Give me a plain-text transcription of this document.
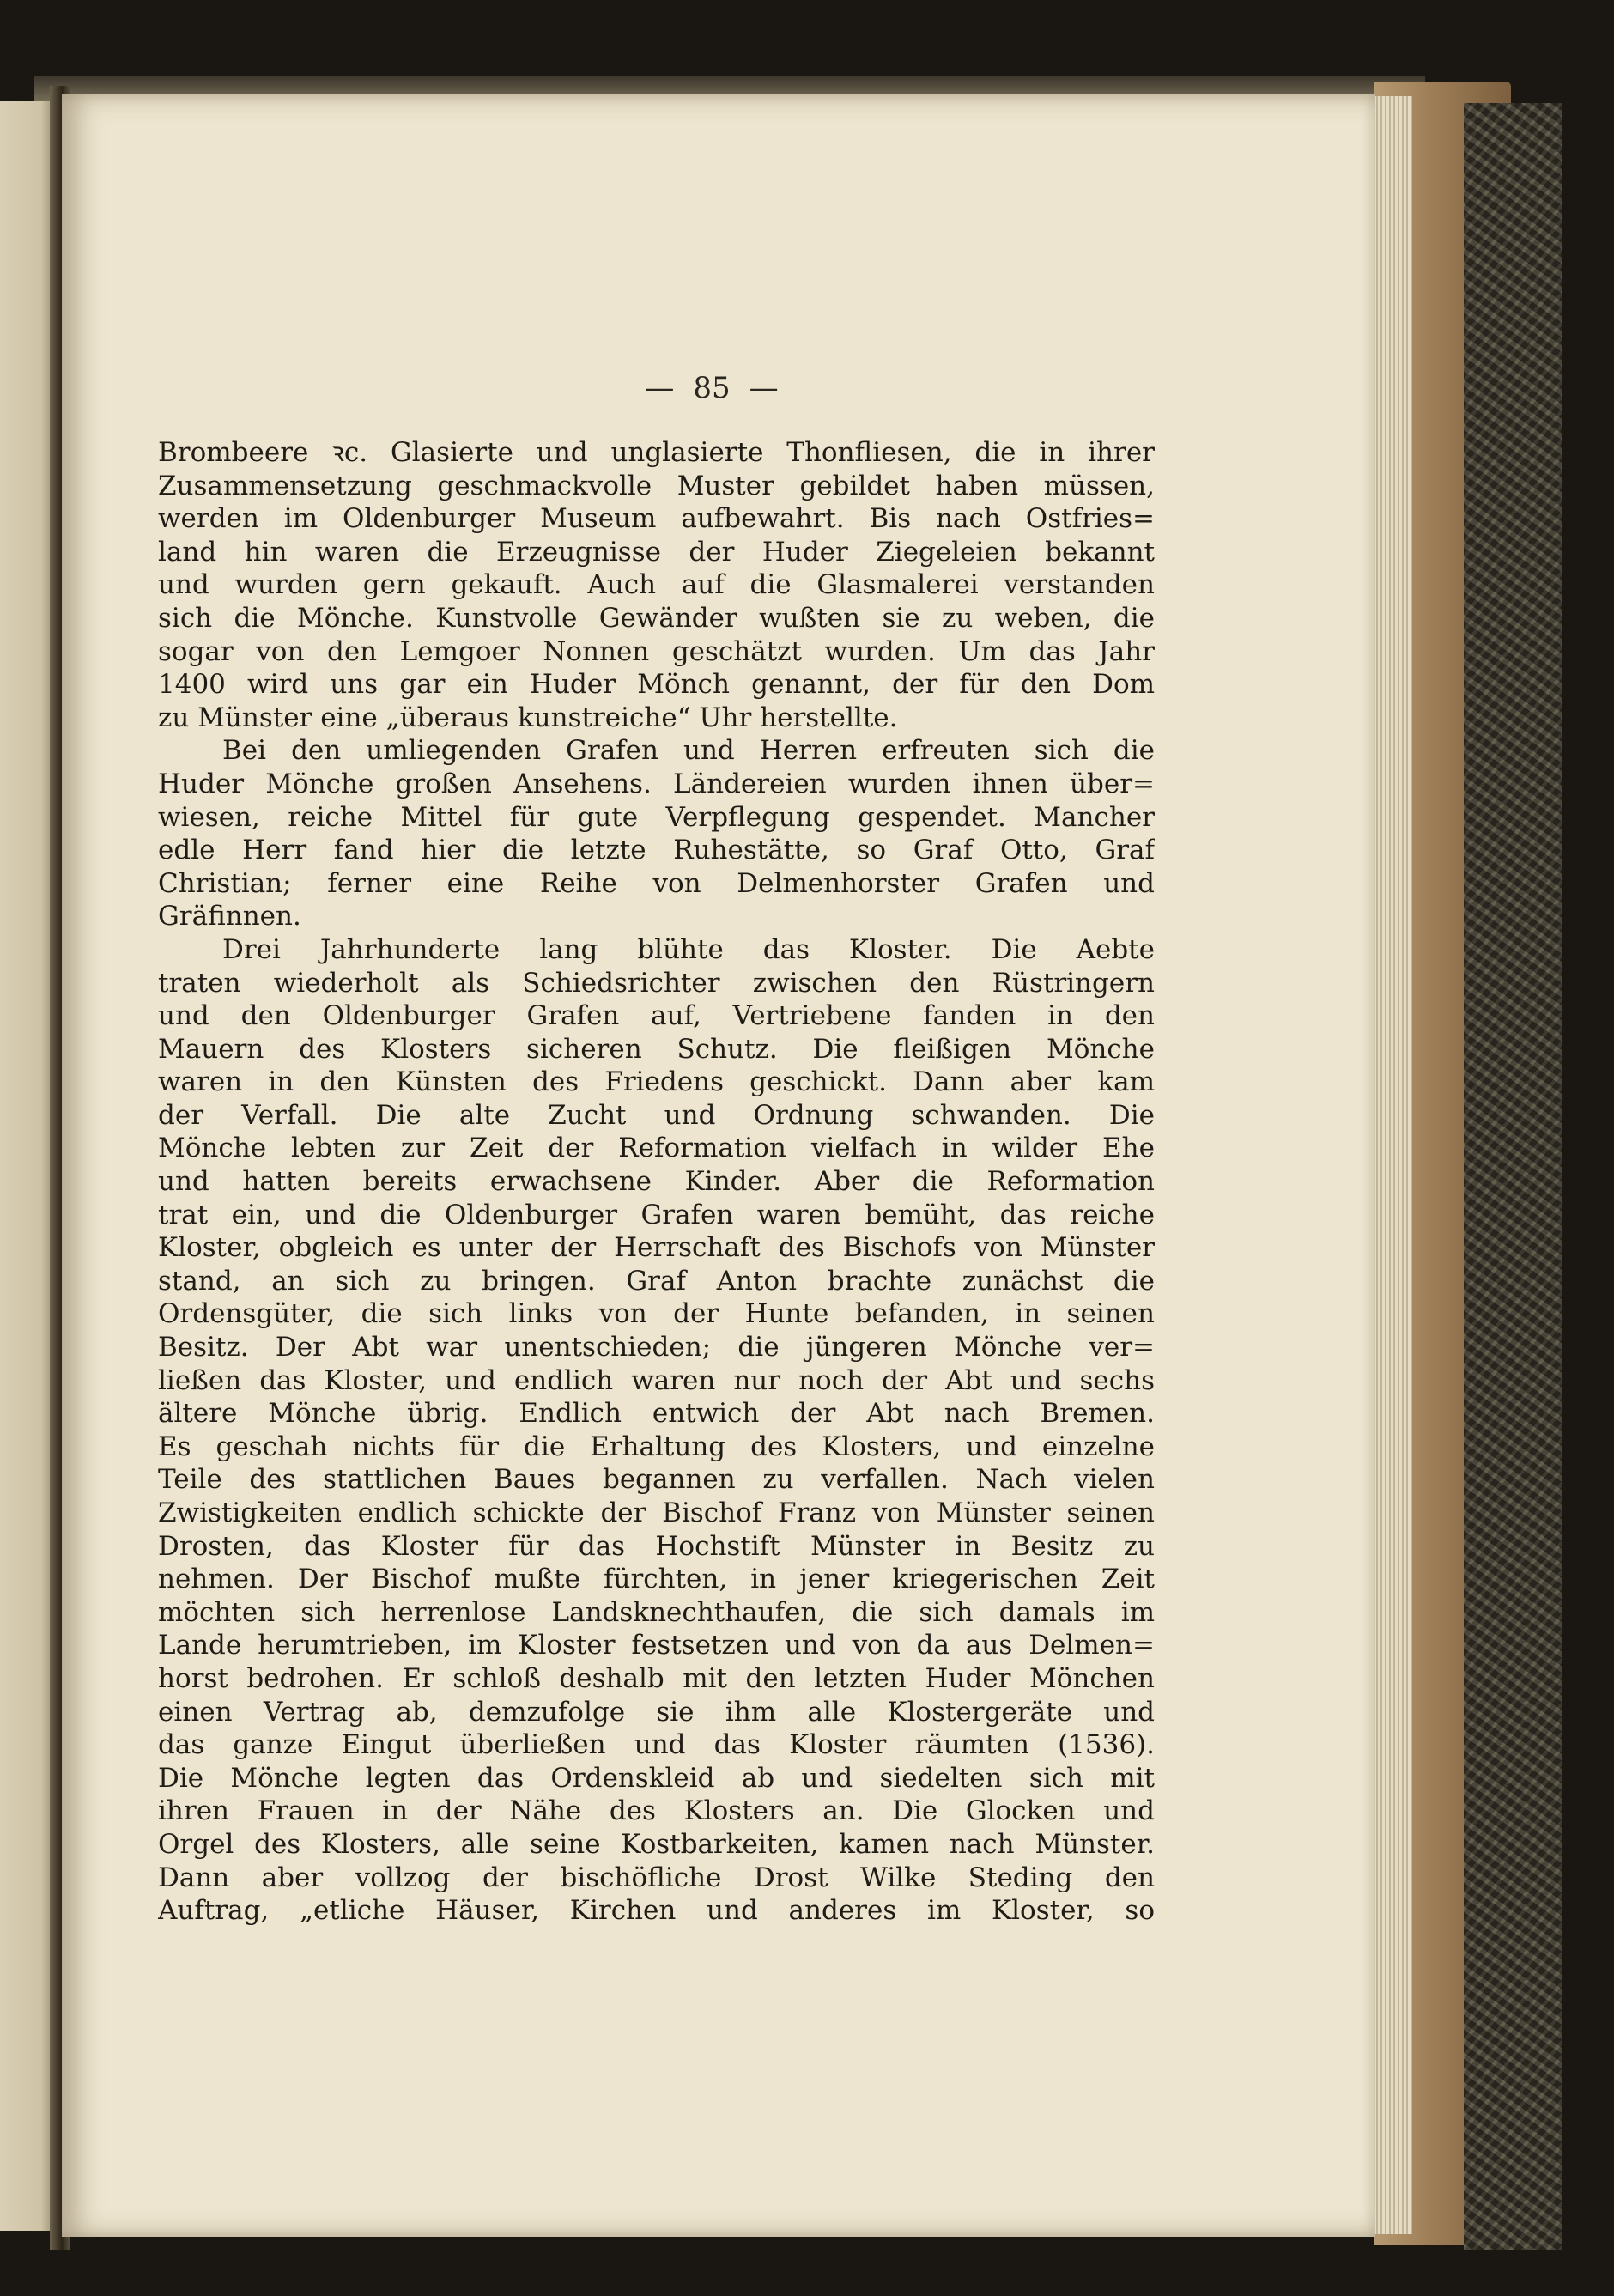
— 85 —
Brombeere ꝛc. Glasierte und unglasierte Thonfliesen, die in ihrer
Zusammensetzung geschmackvolle Muster gebildet haben müssen,
werden im Oldenburger Museum aufbewahrt. Bis nach Ostfries=
land hin waren die Erzeugnisse der Huder Ziegeleien bekannt
und wurden gern gekauft. Auch auf die Glasmalerei verstanden
sich die Mönche. Kunstvolle Gewänder wußten sie zu weben, die
sogar von den Lemgoer Nonnen geschätzt wurden. Um das Jahr
1400 wird uns gar ein Huder Mönch genannt, der für den Dom
zu Münster eine „überaus kunstreiche“ Uhr herstellte.
Bei den umliegenden Grafen und Herren erfreuten sich die
Huder Mönche großen Ansehens. Ländereien wurden ihnen über=
wiesen, reiche Mittel für gute Verpflegung gespendet. Mancher
edle Herr fand hier die letzte Ruhestätte, so Graf Otto, Graf
Christian; ferner eine Reihe von Delmenhorster Grafen und
Gräfinnen.
Drei Jahrhunderte lang blühte das Kloster. Die Aebte
traten wiederholt als Schiedsrichter zwischen den Rüstringern
und den Oldenburger Grafen auf, Vertriebene fanden in den
Mauern des Klosters sicheren Schutz. Die fleißigen Mönche
waren in den Künsten des Friedens geschickt. Dann aber kam
der Verfall. Die alte Zucht und Ordnung schwanden. Die
Mönche lebten zur Zeit der Reformation vielfach in wilder Ehe
und hatten bereits erwachsene Kinder. Aber die Reformation
trat ein, und die Oldenburger Grafen waren bemüht, das reiche
Kloster, obgleich es unter der Herrschaft des Bischofs von Münster
stand, an sich zu bringen. Graf Anton brachte zunächst die
Ordensgüter, die sich links von der Hunte befanden, in seinen
Besitz. Der Abt war unentschieden; die jüngeren Mönche ver=
ließen das Kloster, und endlich waren nur noch der Abt und sechs
ältere Mönche übrig. Endlich entwich der Abt nach Bremen.
Es geschah nichts für die Erhaltung des Klosters, und einzelne
Teile des stattlichen Baues begannen zu verfallen. Nach vielen
Zwistigkeiten endlich schickte der Bischof Franz von Münster seinen
Drosten, das Kloster für das Hochstift Münster in Besitz zu
nehmen. Der Bischof mußte fürchten, in jener kriegerischen Zeit
möchten sich herrenlose Landsknechthaufen, die sich damals im
Lande herumtrieben, im Kloster festsetzen und von da aus Delmen=
horst bedrohen. Er schloß deshalb mit den letzten Huder Mönchen
einen Vertrag ab, demzufolge sie ihm alle Klostergeräte und
das ganze Eingut überließen und das Kloster räumten (1536).
Die Mönche legten das Ordenskleid ab und siedelten sich mit
ihren Frauen in der Nähe des Klosters an. Die Glocken und
Orgel des Klosters, alle seine Kostbarkeiten, kamen nach Münster.
Dann aber vollzog der bischöfliche Drost Wilke Steding den
Auftrag, „etliche Häuser, Kirchen und anderes im Kloster, so
